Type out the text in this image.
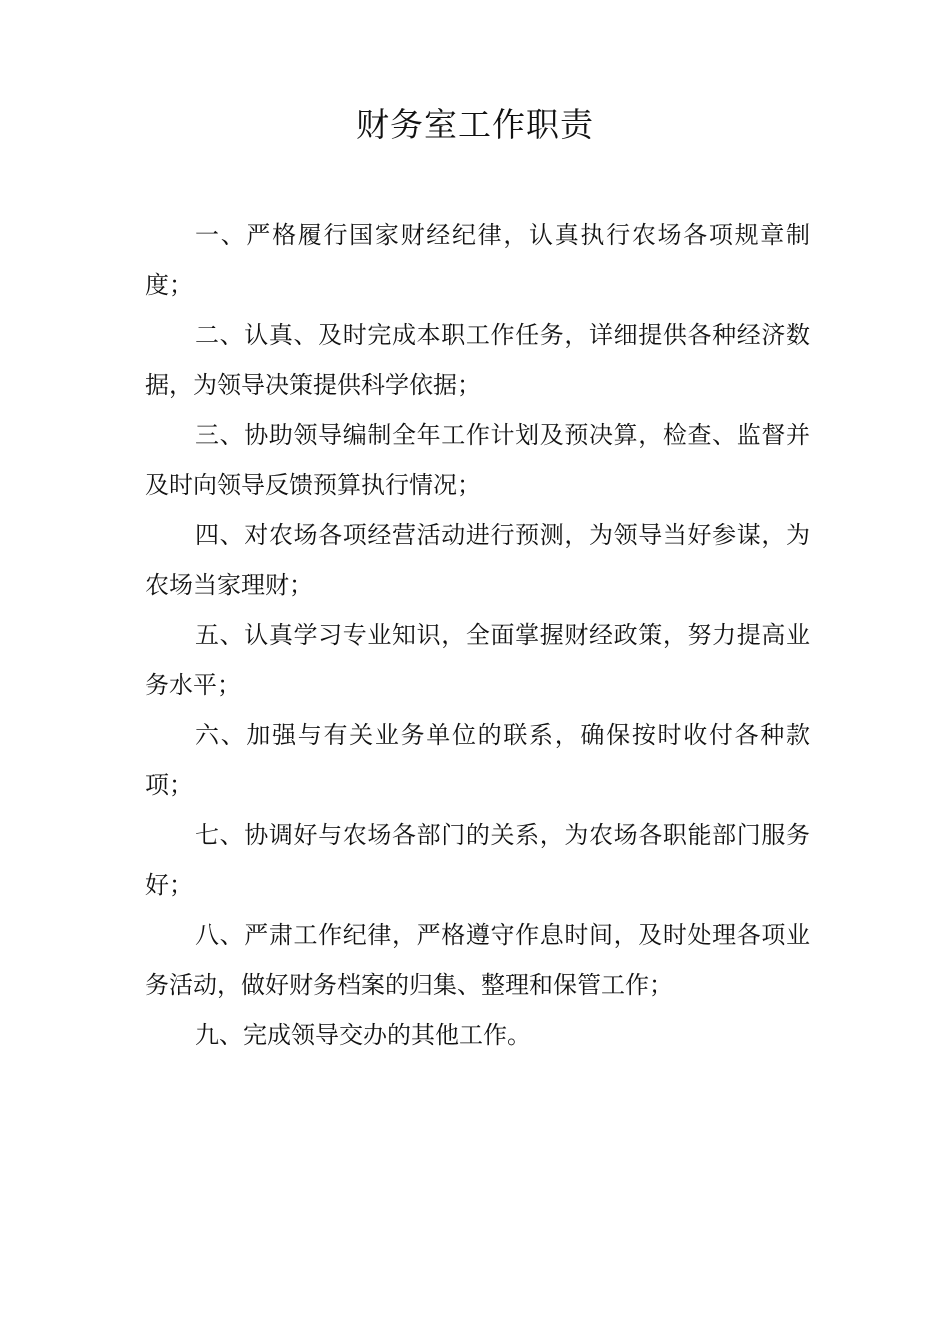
财务室工作职责
一、严格履行国家财经纪律，认真执行农场各项规章制度；
二、认真、及时完成本职工作任务，详细提供各种经济数据，为领导决策提供科学依据；
三、协助领导编制全年工作计划及预决算，检查、监督并及时向领导反馈预算执行情况；
四、对农场各项经营活动进行预测，为领导当好参谋，为农场当家理财；
五、认真学习专业知识，全面掌握财经政策，努力提高业务水平；
六、加强与有关业务单位的联系，确保按时收付各种款项；
七、协调好与农场各部门的关系，为农场各职能部门服务好；
八、严肃工作纪律，严格遵守作息时间，及时处理各项业务活动，做好财务档案的归集、整理和保管工作；
九、完成领导交办的其他工作。
